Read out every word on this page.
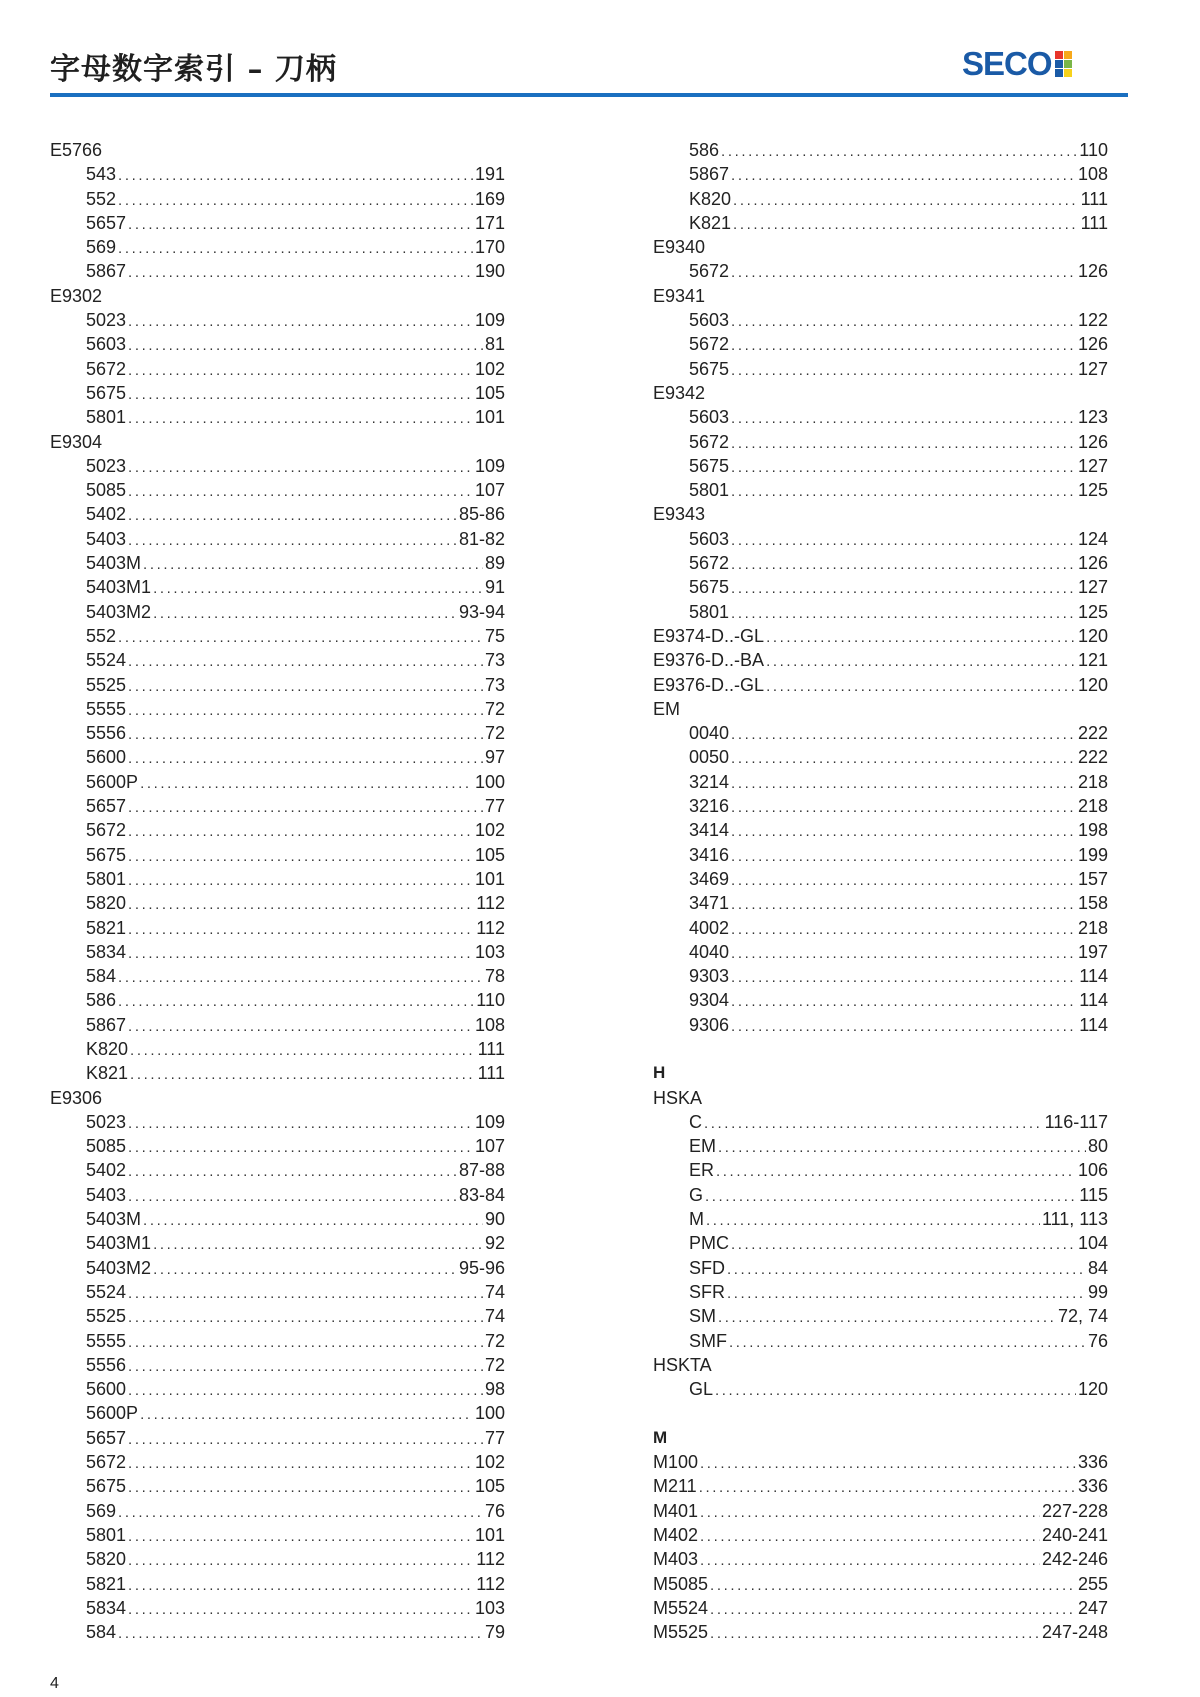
字母数字索引 – 刀柄	SECO
E5766
543 .....	191
552 .....	169
5657 .....	171
569 .....	170
5867 .....	190
E9302
5023 .....	109
5603 .....	81
5672 .....	102
5675 .....	105
5801 .....	101
E9304
5023 .....	109
5085 .....	107
5402 .....	85-86
5403 .....	81-82
5403M .....	89
5403M1 .....	91
5403M2 .....	93-94
552 .....	75
5524 .....	73
5525 .....	73
5555 .....	72
5556 .....	72
5600 .....	97
5600P .....	100
5657 .....	77
5672 .....	102
5675 .....	105
5801 .....	101
5820 .....	112
5821 .....	112
5834 .....	103
584 .....	78
586 .....	110
5867 .....	108
K820 .....	111
K821 .....	111
E9306
5023 .....	109
5085 .....	107
5402 .....	87-88
5403 .....	83-84
5403M .....	90
5403M1 .....	92
5403M2 .....	95-96
5524 .....	74
5525 .....	74
5555 .....	72
5556 .....	72
5600 .....	98
5600P .....	100
5657 .....	77
5672 .....	102
5675 .....	105
569 .....	76
5801 .....	101
5820 .....	112
5821 .....	112
5834 .....	103
584 .....	79
586 .....	110
5867 .....	108
K820 .....	111
K821 .....	111
E9340
5672 .....	126
E9341
5603 .....	122
5672 .....	126
5675 .....	127
E9342
5603 .....	123
5672 .....	126
5675 .....	127
5801 .....	125
E9343
5603 .....	124
5672 .....	126
5675 .....	127
5801 .....	125
E9374-D..-GL .....	120
E9376-D..-BA .....	121
E9376-D..-GL .....	120
EM
0040 .....	222
0050 .....	222
3214 .....	218
3216 .....	218
3414 .....	198
3416 .....	199
3469 .....	157
3471 .....	158
4002 .....	218
4040 .....	197
9303 .....	114
9304 .....	114
9306 .....	114
H
HSKA
C .....	116-117
EM .....	80
ER .....	106
G .....	115
M .....	111, 113
PMC .....	104
SFD .....	84
SFR .....	99
SM .....	72, 74
SMF .....	76
HSKTA
GL .....	120
M
M100 .....	336
M211 .....	336
M401 .....	227-228
M402 .....	240-241
M403 .....	242-246
M5085 .....	255
M5524 .....	247
M5525 .....	247-248
4
